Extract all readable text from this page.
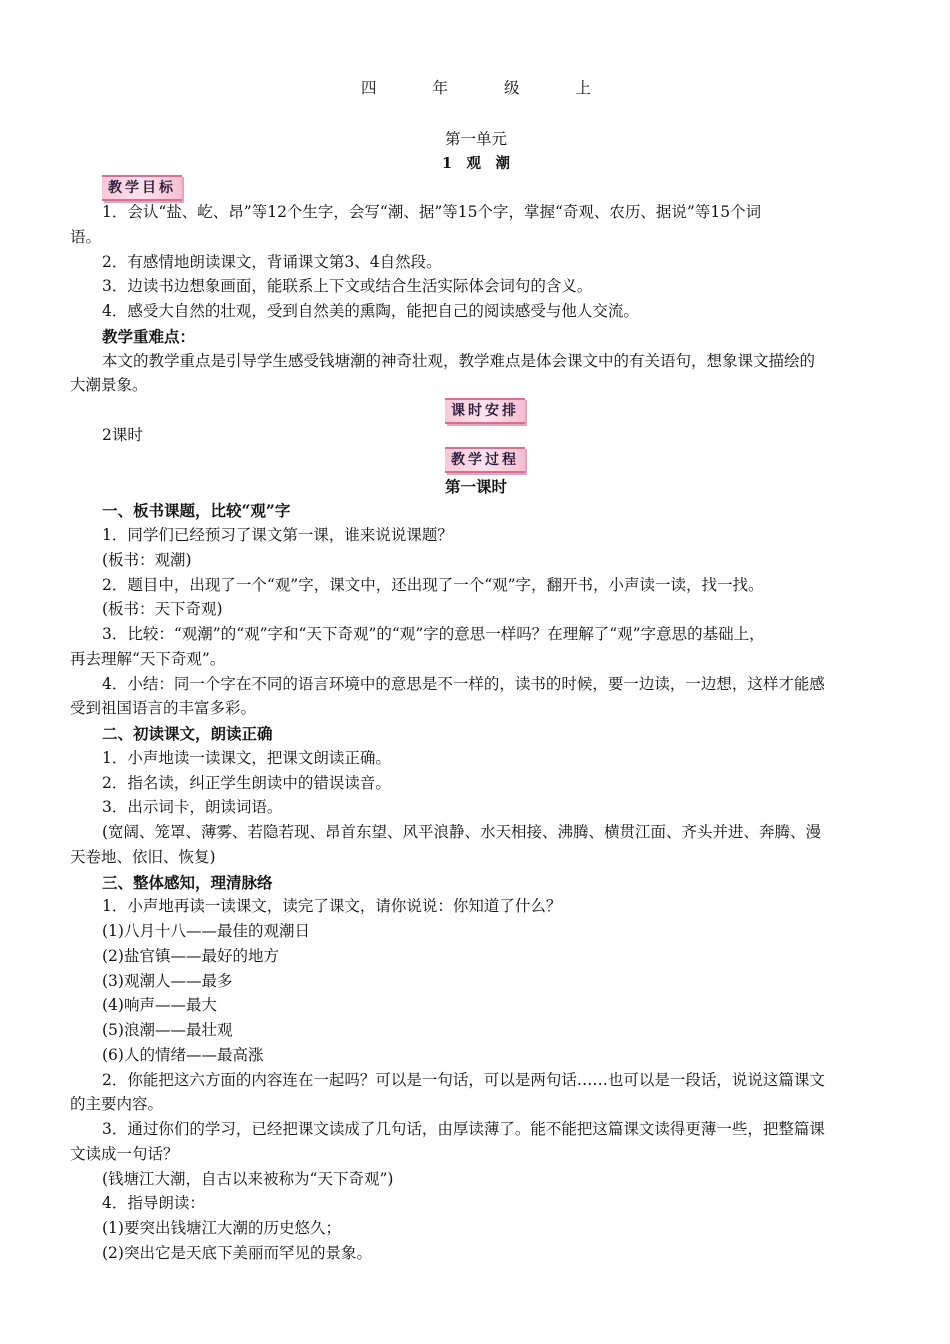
四	年	级	上
第一单元
1　观　潮
教学目标
1．会认“盐、屹、昂”等12个生字，会写“潮、据”等15个字，掌握“奇观、农历、据说”等15个词
语。
2．有感情地朗读课文，背诵课文第3、4自然段。
3．边读书边想象画面，能联系上下文或结合生活实际体会词句的含义。
4．感受大自然的壮观，受到自然美的熏陶，能把自己的阅读感受与他人交流。
教学重难点：
本文的教学重点是引导学生感受钱塘潮的神奇壮观，教学难点是体会课文中的有关语句，想象课文描绘的
大潮景象。
课时安排
2课时
教学过程
第一课时
一、板书课题，比较“观”字
1．同学们已经预习了课文第一课，谁来说说课题？
(板书：观潮)
2．题目中，出现了一个“观”字，课文中，还出现了一个“观”字，翻开书，小声读一读，找一找。
(板书：天下奇观)
3．比较：“观潮”的“观”字和“天下奇观”的“观”字的意思一样吗？在理解了“观”字意思的基础上，
再去理解“天下奇观”。
4．小结：同一个字在不同的语言环境中的意思是不一样的，读书的时候，要一边读，一边想，这样才能感
受到祖国语言的丰富多彩。
二、初读课文，朗读正确
1．小声地读一读课文，把课文朗读正确。
2．指名读，纠正学生朗读中的错误读音。
3．出示词卡，朗读词语。
(宽阔、笼罩、薄雾、若隐若现、昂首东望、风平浪静、水天相接、沸腾、横贯江面、齐头并进、奔腾、漫
天卷地、依旧、恢复)
三、整体感知，理清脉络
1．小声地再读一读课文，读完了课文，请你说说：你知道了什么？
(1)八月十八——最佳的观潮日
(2)盐官镇——最好的地方
(3)观潮人——最多
(4)响声——最大
(5)浪潮——最壮观
(6)人的情绪——最高涨
2．你能把这六方面的内容连在一起吗？可以是一句话，可以是两句话……也可以是一段话，说说这篇课文
的主要内容。
3．通过你们的学习，已经把课文读成了几句话，由厚读薄了。能不能把这篇课文读得更薄一些，把整篇课
文读成一句话？
(钱塘江大潮，自古以来被称为“天下奇观”)
4．指导朗读：
(1)要突出钱塘江大潮的历史悠久；
(2)突出它是天底下美丽而罕见的景象。
